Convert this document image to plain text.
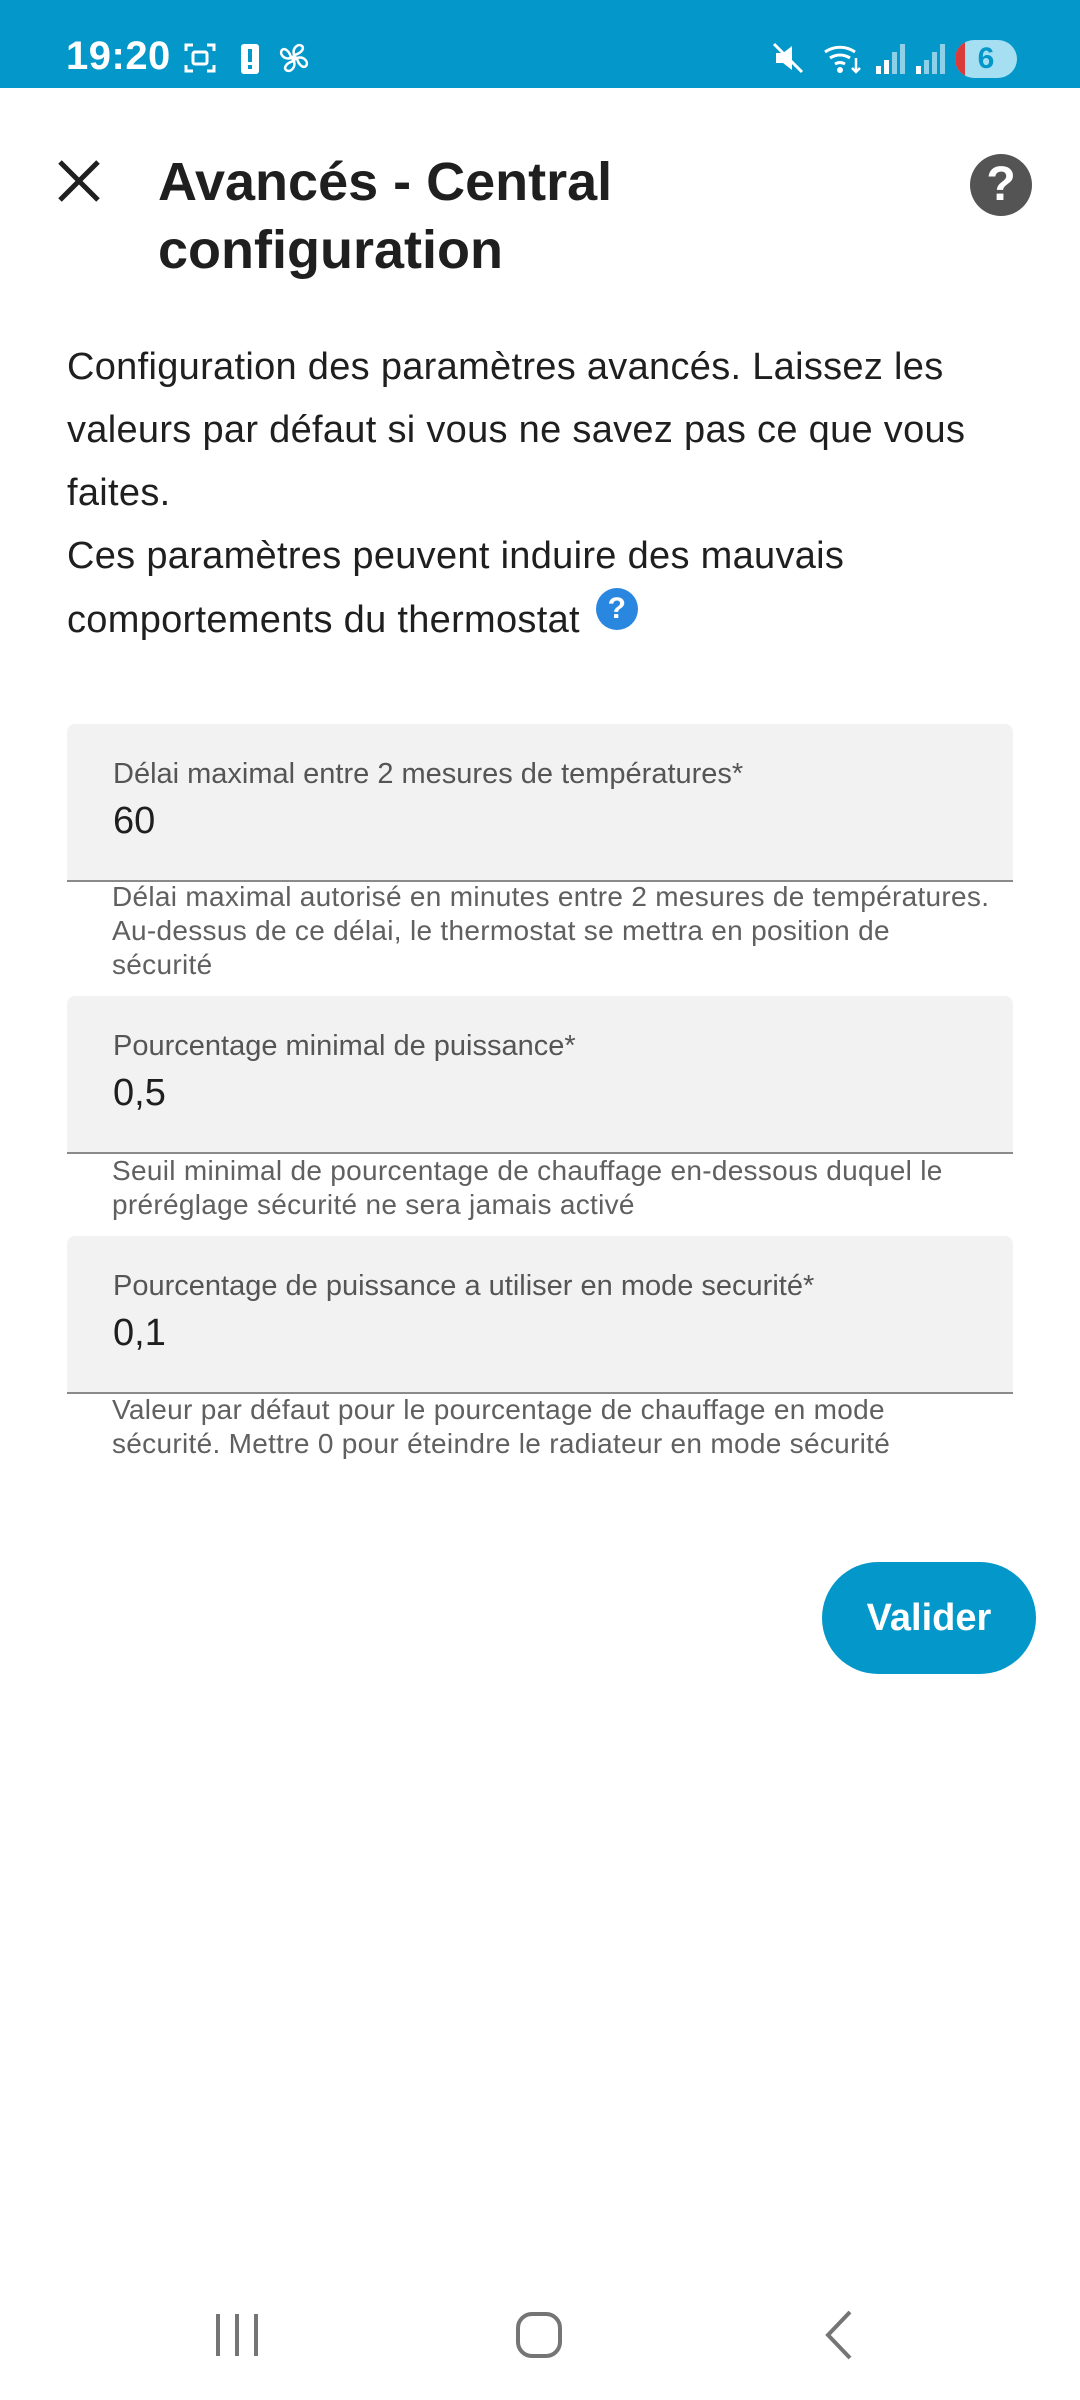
19:20	6
Avancés - Central configuration
?

Configuration des paramètres avancés. Laissez les valeurs par défaut si vous ne savez pas ce que vous faites.

Ces paramètres peuvent induire des mauvais comportements du thermostat ?

Délai maximal entre 2 mesures de températures*
60
Délai maximal autorisé en minutes entre 2 mesures de températures. Au-dessus de ce délai, le thermostat se mettra en position de sécurité
Pourcentage minimal de puissance*
0,5
Seuil minimal de pourcentage de chauffage en-dessous duquel le préréglage sécurité ne sera jamais activé
Pourcentage de puissance a utiliser en mode securité*
0,1
Valeur par défaut pour le pourcentage de chauffage en mode sécurité. Mettre 0 pour éteindre le radiateur en mode sécurité
Valider
